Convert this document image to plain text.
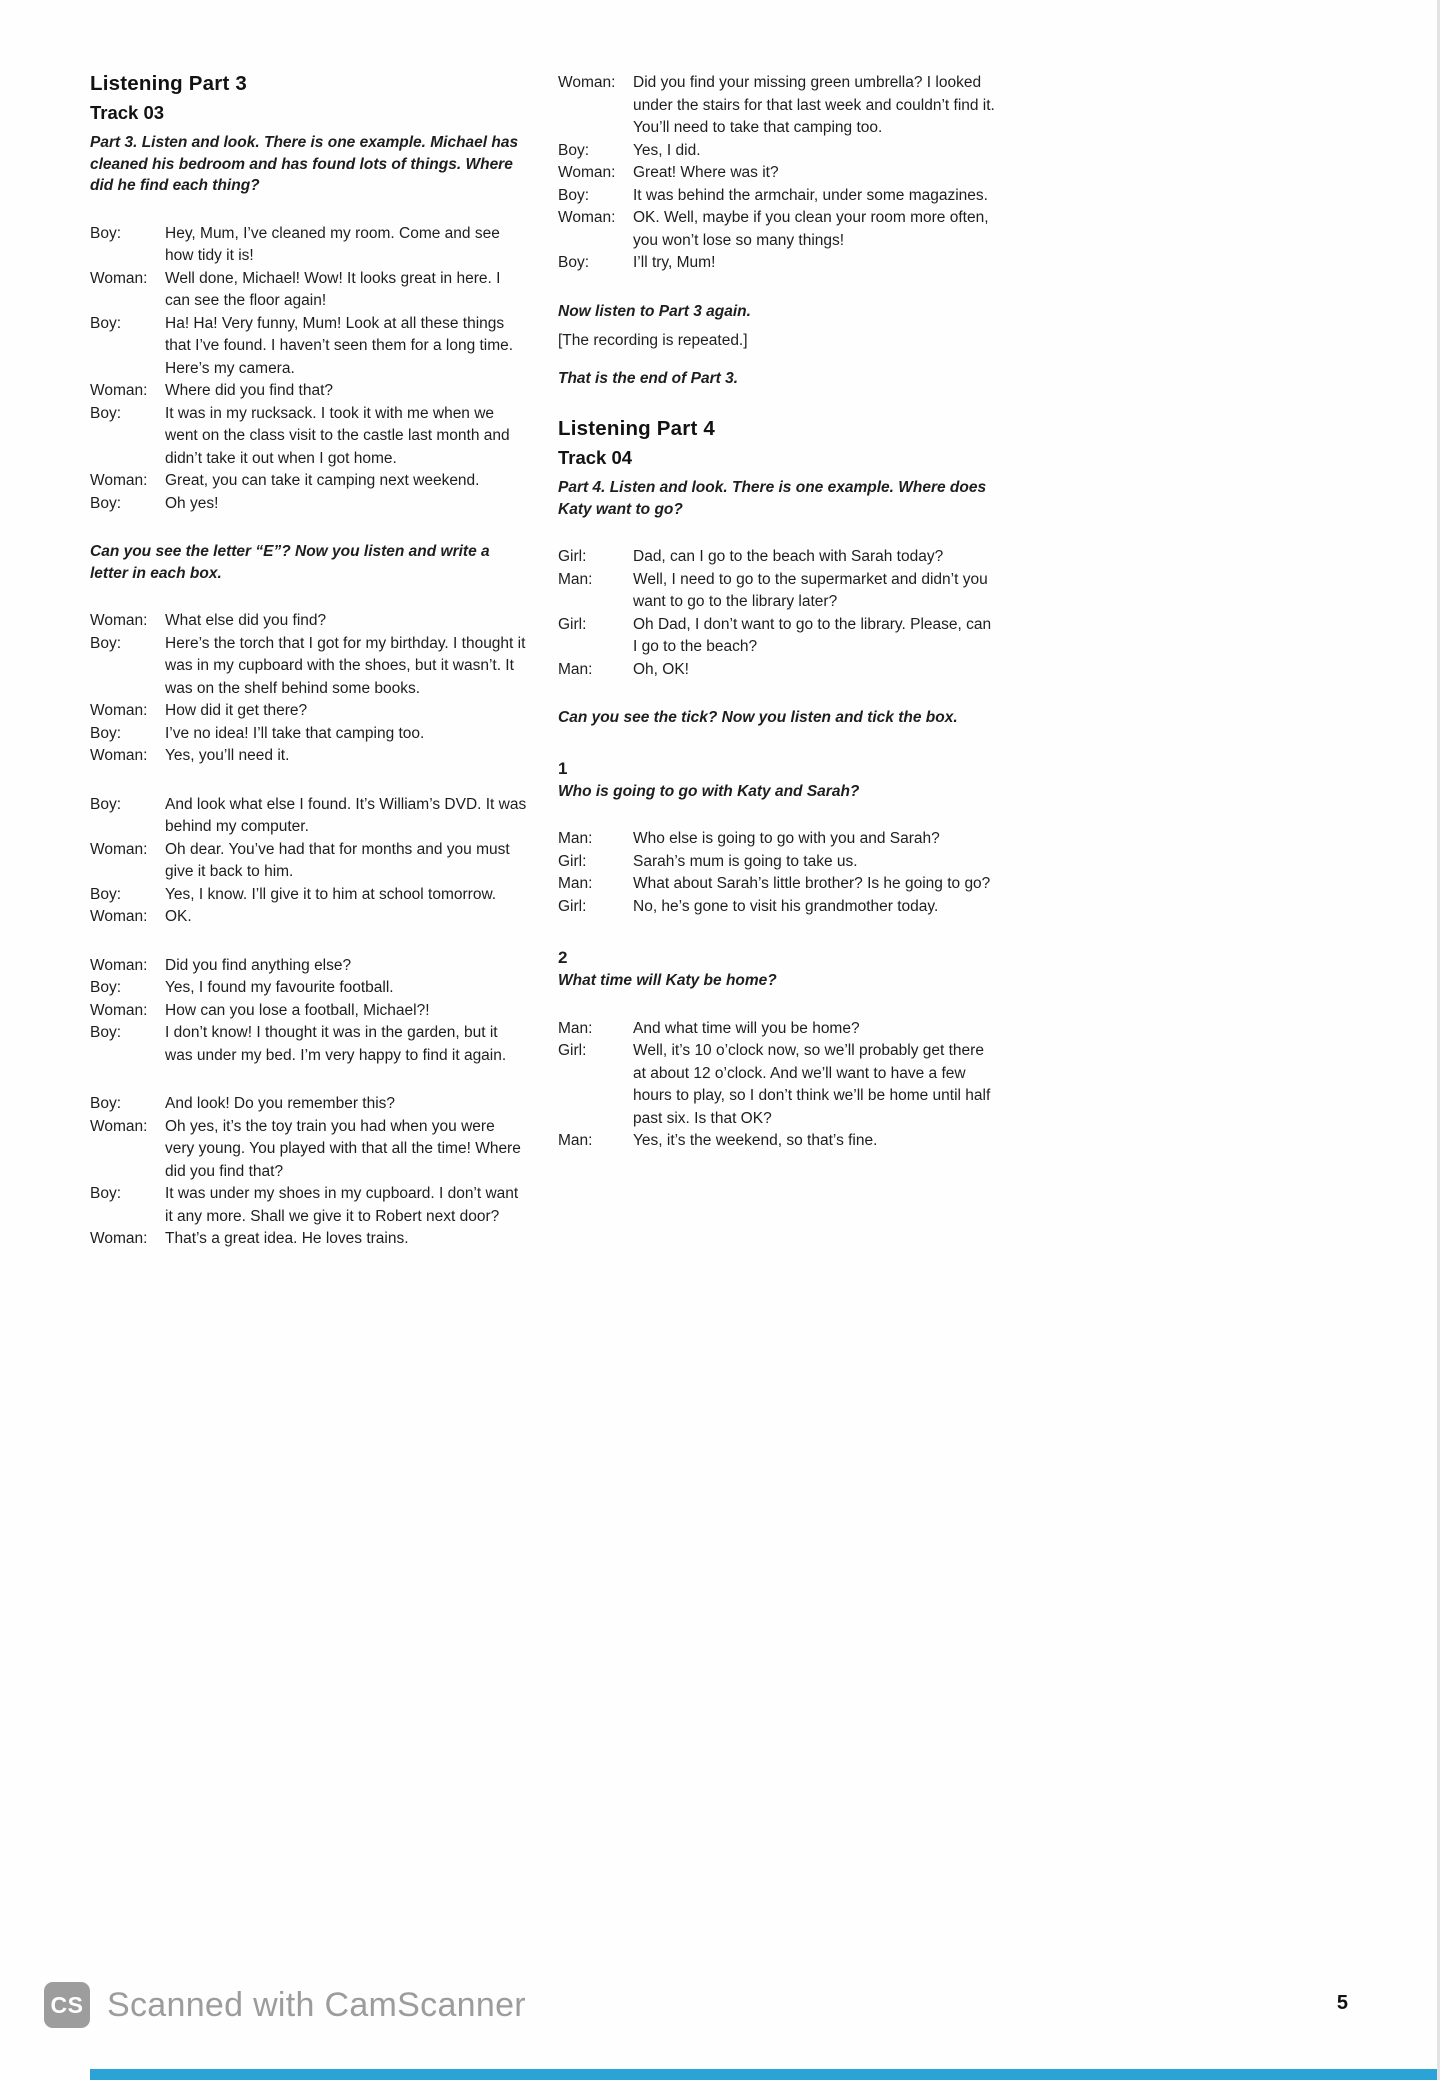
Listening Part 3
Track 03
Part 3. Listen and look. There is one example. Michael has cleaned his bedroom and has found lots of things. Where did he find each thing?
Boy:	Hey, Mum, I’ve cleaned my room. Come and see how tidy it is!
Woman:	Well done, Michael! Wow! It looks great in here. I can see the floor again!
Boy:	Ha! Ha! Very funny, Mum! Look at all these things that I’ve found. I haven’t seen them for a long time. Here’s my camera.
Woman:	Where did you find that?
Boy:	It was in my rucksack. I took it with me when we went on the class visit to the castle last month and didn’t take it out when I got home.
Woman:	Great, you can take it camping next weekend.
Boy:	Oh yes!
Can you see the letter “E”? Now you listen and write a letter in each box.
Woman:	What else did you find?
Boy:	Here’s the torch that I got for my birthday. I thought it was in my cupboard with the shoes, but it wasn’t. It was on the shelf behind some books.
Woman:	How did it get there?
Boy:	I’ve no idea! I’ll take that camping too.
Woman:	Yes, you’ll need it.
Boy:	And look what else I found. It’s William’s DVD. It was behind my computer.
Woman:	Oh dear. You’ve had that for months and you must give it back to him.
Boy:	Yes, I know. I’ll give it to him at school tomorrow.
Woman:	OK.
Woman:	Did you find anything else?
Boy:	Yes, I found my favourite football.
Woman:	How can you lose a football, Michael?!
Boy:	I don’t know! I thought it was in the garden, but it was under my bed. I’m very happy to find it again.
Boy:	And look! Do you remember this?
Woman:	Oh yes, it’s the toy train you had when you were very young. You played with that all the time! Where did you find that?
Boy:	It was under my shoes in my cupboard. I don’t want it any more. Shall we give it to Robert next door?
Woman:	That’s a great idea. He loves trains.
Woman:	Did you find your missing green umbrella? I looked under the stairs for that last week and couldn’t find it. You’ll need to take that camping too.
Boy:	Yes, I did.
Woman:	Great! Where was it?
Boy:	It was behind the armchair, under some magazines.
Woman:	OK. Well, maybe if you clean your room more often, you won’t lose so many things!
Boy:	I’ll try, Mum!
Now listen to Part 3 again.
[The recording is repeated.]
That is the end of Part 3.
Listening Part 4
Track 04
Part 4. Listen and look. There is one example. Where does Katy want to go?
Girl:	Dad, can I go to the beach with Sarah today?
Man:	Well, I need to go to the supermarket and didn’t you want to go to the library later?
Girl:	Oh Dad, I don’t want to go to the library. Please, can I go to the beach?
Man:	Oh, OK!
Can you see the tick? Now you listen and tick the box.
1
Who is going to go with Katy and Sarah?
Man:	Who else is going to go with you and Sarah?
Girl:	Sarah’s mum is going to take us.
Man:	What about Sarah’s little brother? Is he going to go?
Girl:	No, he’s gone to visit his grandmother today.
2
What time will Katy be home?
Man:	And what time will you be home?
Girl:	Well, it’s 10 o’clock now, so we’ll probably get there at about 12 o’clock. And we’ll want to have a few hours to play, so I don’t think we’ll be home until half past six. Is that OK?
Man:	Yes, it’s the weekend, so that’s fine.
CS Scanned with CamScanner	5
